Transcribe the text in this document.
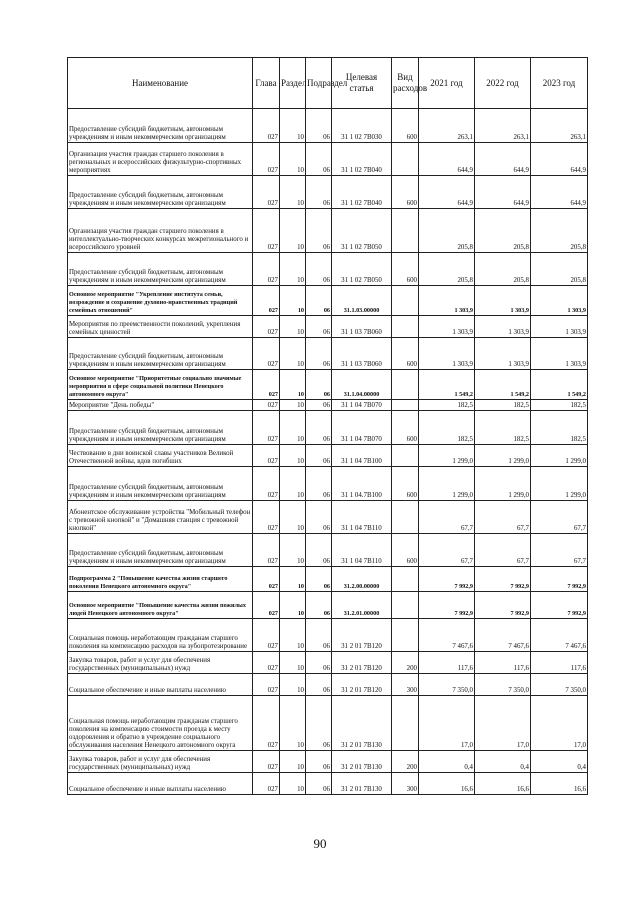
Наименование	Глава	Раздел	Подраздел	Целевая статья	Вид расходов	2021 год	2022 год	2023 год
Предоставление субсидий бюджетным, автономным учреждениям и иным некоммерческим организациям	027	10	06	31 1 02 7В030	600	263,1	263,1	263,1
Организация участия граждан старшего поколения в региональных и всероссийских физкультурно-спортивных мероприятиях	027	10	06	31 1 02 7В040		644,9	644,9	644,9
Предоставление субсидий бюджетным, автономным учреждениям и иным некоммерческим организациям	027	10	06	31 1 02 7В040	600	644,9	644,9	644,9
Организация участия граждан старшего поколения в интеллектуально-творческих конкурсах межрегионального и всероссийского уровней	027	10	06	31 1 02 7В050		205,8	205,8	205,8
Предоставление субсидий бюджетным, автономным учреждениям и иным некоммерческим организациям	027	10	06	31 1 02 7В050	600	205,8	205,8	205,8
Основное мероприятие "Укрепление института семьи, возрождение и сохранение духовно-нравственных традиций семейных отношений"	027	10	06	31.1.03.00000		1 303,9	1 303,9	1 303,9
Мероприятия по преемственности поколений, укрепления семейных ценностей	027	10	06	31 1 03 7В060		1 303,9	1 303,9	1 303,9
Предоставление субсидий бюджетным, автономным учреждениям и иным некоммерческим организациям	027	10	06	31 1 03 7В060	600	1 303,9	1 303,9	1 303,9
Основное мероприятие "Приоритетные социально значимые мероприятия в сфере социальной политики Ненецкого автономного округа"	027	10	06	31.1.04.00000		1 549,2	1 549,2	1 549,2
Мероприятие "День победы"	027	10	06	31 1 04 7В070		182,5	182,5	182,5
Предоставление субсидий бюджетным, автономным учреждениям и иным некоммерческим организациям	027	10	06	31 1 04 7В070	600	182,5	182,5	182,5
Чествование в дни воинской славы участников Великой Отечественной войны, вдов погибших	027	10	06	31 1 04 7В100		1 299,0	1 299,0	1 299,0
Предоставление субсидий бюджетным, автономным учреждениям и иным некоммерческим организациям	027	10	06	31 1 04.7В100	600	1 299,0	1 299,0	1 299,0
Абонентское обслуживание устройства "Мобильный телефон с тревожной кнопкой" и "Домашняя станция с тревожной кнопкой"	027	10	06	31 1 04 7В110		67,7	67,7	67,7
Предоставление субсидий бюджетным, автономным учреждениям и иным некоммерческим организациям	027	10	06	31 1 04 7В110	600	67,7	67,7	67,7
Подпрограмма 2 "Повышение качества жизни старшего поколения Ненецкого автономного округа"	027	10	06	31.2.00.00000		7 992,9	7 992,9	7 992,9
Основное мероприятие "Повышение качества жизни пожилых людей Ненецкого автономного округа"	027	10	06	31.2.01.00000		7 992,9	7 992,9	7 992,9
Социальная помощь неработающим гражданам старшего поколения на компенсацию расходов на зубопротезирование	027	10	06	31 2 01 7В120		7 467,6	7 467,6	7 467,6
Закупка товаров, работ и услуг для обеспечения государственных (муниципальных) нужд	027	10	06	31 2 01 7В120	200	117,6	117,6	117,6
Социальное обеспечение и иные выплаты населению	027	10	06	31 2 01 7В120	300	7 350,0	7 350,0	7 350,0
Социальная помощь неработающим гражданам старшего поколения на компенсацию стоимости проезда к месту оздоровления и обратно в учреждение социального обслуживания населения Ненецкого автономного округа	027	10	06	31 2 01 7В130		17,0	17,0	17,0
Закупка товаров, работ и услуг для обеспечения государственных (муниципальных) нужд	027	10	06	31 2 01 7В130	200	0,4	0,4	0,4
Социальное обеспечение и иные выплаты населению	027	10	06	31 2 01 7В130	300	16,6	16,6	16,6
90
